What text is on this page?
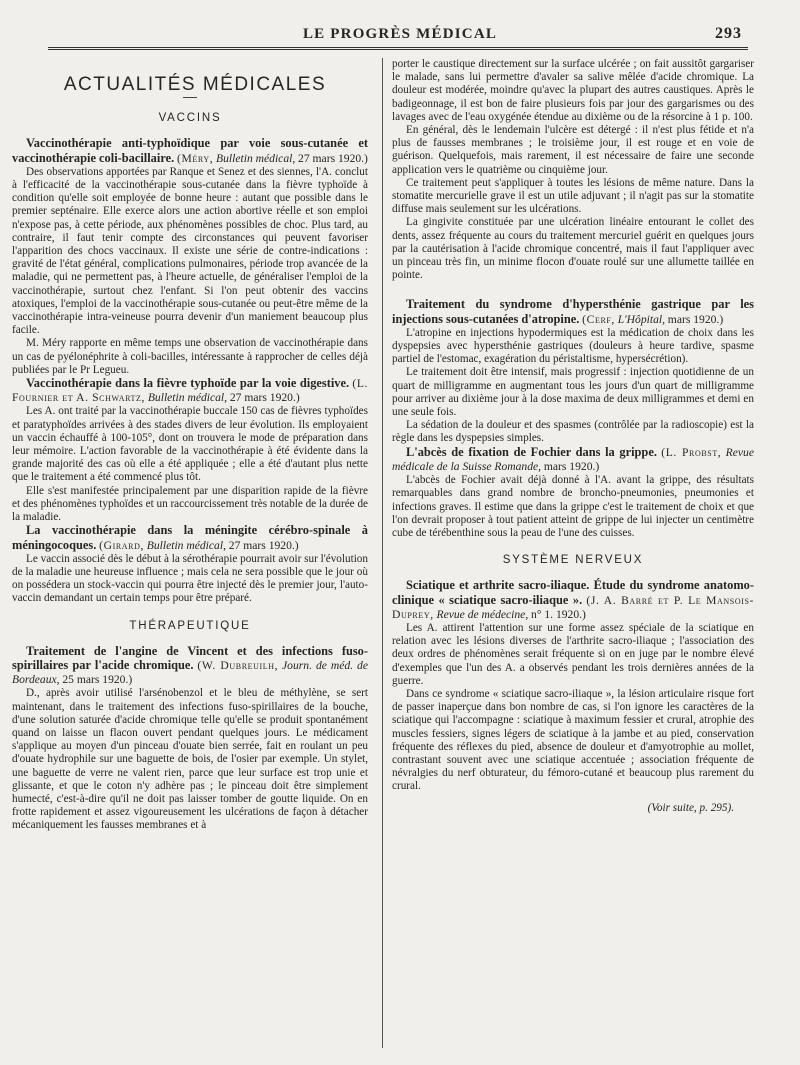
LE PROGRÈS MÉDICAL	293
ACTUALITÉS MÉDICALES
VACCINS

Vaccinothérapie anti-typhoïdique par voie sous-cutanée et vaccinothérapie coli-bacillaire. (Méry, Bulletin médical, 27 mars 1920.)

Des observations apportées par Ranque et Senez et des siennes, l'A. conclut à l'efficacité de la vaccinothérapie sous-cutanée dans la fièvre typhoïde à condition qu'elle soit employée de bonne heure : autant que possible dans le premier septénaire. Elle exerce alors une action abortive réelle et son emploi n'expose pas, à cette période, aux phénomènes possibles de choc. Plus tard, au contraire, il faut tenir compte des circonstances qui peuvent favoriser l'apparition des chocs vaccinaux. Il existe une série de contre-indications : gravité de l'état général, complications pulmonaires, période trop avancée de la maladie, qui ne permettent pas, à l'heure actuelle, de généraliser l'emploi de la vaccinothérapie, surtout chez l'enfant. Si l'on peut obtenir des vaccins atoxiques, l'emploi de la vaccinothérapie sous-cutanée ou peut-être même de la vaccinothérapie intra-veineuse pourra devenir d'un maniement beaucoup plus facile.

M. Méry rapporte en même temps une observation de vaccinothérapie dans un cas de pyélonéphrite à coli-bacilles, intéressante à rapprocher de celles déjà publiées par le Pr Legueu.

Vaccinothérapie dans la fièvre typhoïde par la voie digestive. (L. Fournier et A. Schwartz, Bulletin médical, 27 mars 1920.)

Les A. ont traité par la vaccinothérapie buccale 150 cas de fièvres typhoïdes et paratyphoïdes arrivées à des stades divers de leur évolution. Ils employaient un vaccin échauffé à 100-105°, dont on trouvera le mode de préparation dans leur mémoire. L'action favorable de la vaccinothérapie à été évidente dans la grande majorité des cas où elle a été appliquée ; elle a été d'autant plus nette que le traitement a été commencé plus tôt.

Elle s'est manifestée principalement par une disparition rapide de la fièvre et des phénomènes typhoïdes et un raccourcissement très notable de la durée de la maladie.

La vaccinothérapie dans la méningite cérébro-spinale à méningocoques. (Girard, Bulletin médical, 27 mars 1920.)

Le vaccin associé dès le début à la sérothérapie pourrait avoir sur l'évolution de la maladie une heureuse influence ; mais cela ne sera possible que le jour où on possédera un stock-vaccin qui pourra être injecté dès le premier jour, l'auto-vaccin demandant un certain temps pour être préparé.

THÉRAPEUTIQUE

Traitement de l'angine de Vincent et des infections fuso-spirillaires par l'acide chromique. (W. Dubreuilh, Journ. de méd. de Bordeaux, 25 mars 1920.)

D., après avoir utilisé l'arsénobenzol et le bleu de méthylène, se sert maintenant, dans le traitement des infections fuso-spirillaires de la bouche, d'une solution saturée d'acide chromique telle qu'elle se produit spontanément quand on laisse un flacon ouvert pendant quelques jours. Le médicament s'applique au moyen d'un pinceau d'ouate bien serrée, fait en roulant un peu d'ouate hydrophile sur une baguette de bois, de l'osier par exemple. Un stylet, une baguette de verre ne valent rien, parce que leur surface est trop unie et glissante, et que le coton n'y adhère pas ; le pinceau doit être simplement humecté, c'est-à-dire qu'il ne doit pas laisser tomber de goutte liquide. On en frotte rapidement et assez vigoureusement les ulcérations de façon à détacher mécaniquement les fausses membranes et à

porter le caustique directement sur la surface ulcérée ; on fait aussitôt gargariser le malade, sans lui permettre d'avaler sa salive mêlée d'acide chromique. La douleur est modérée, moindre qu'avec la plupart des autres caustiques. Après le badigeonnage, il est bon de faire plusieurs fois par jour des gargarismes ou des lavages avec de l'eau oxygénée étendue au dixième ou de la résorcine à 1 p. 100.

En général, dès le lendemain l'ulcère est détergé : il n'est plus fétide et n'a plus de fausses membranes ; le troisième jour, il est rouge et en voie de guérison. Quelquefois, mais rarement, il est nécessaire de faire une seconde application vers le quatrième ou cinquième jour.

Ce traitement peut s'appliquer à toutes les lésions de même nature. Dans la stomatite mercurielle grave il est un utile adjuvant ; il n'agit pas sur la stomatite diffuse mais seulement sur les ulcérations.

La gingivite constituée par une ulcération linéaire entourant le collet des dents, assez fréquente au cours du traitement mercuriel guérit en quelques jours par la cautérisation à l'acide chromique concentré, mais il faut l'appliquer avec un pinceau très fin, un minime flocon d'ouate roulé sur une allumette taillée en pointe.

Traitement du syndrome d'hypersthénie gastrique par les injections sous-cutanées d'atropine. (Cerf, L'Hôpital, mars 1920.)

L'atropine en injections hypodermiques est la médication de choix dans les dyspepsies avec hypersthénie gastriques (douleurs à heure tardive, spasme partiel de l'estomac, exagération du péristaltisme, hypersécrétion).

Le traitement doit être intensif, mais progressif : injection quotidienne de un quart de milligramme en augmentant tous les jours d'un quart de milligramme pour arriver au dixième jour à la dose maxima de deux milligrammes et demi en une seule fois.

La sédation de la douleur et des spasmes (contrôlée par la radioscopie) est la règle dans les dyspepsies simples.

L'abcès de fixation de Fochier dans la grippe. (L. Probst, Revue médicale de la Suisse Romande, mars 1920.)

L'abcès de Fochier avait déjà donné à l'A. avant la grippe, des résultats remarquables dans grand nombre de broncho-pneumonies, pneumonies et infections graves. Il estime que dans la grippe c'est le traitement de choix et que l'on devrait proposer à tout patient atteint de grippe de lui injecter un centimètre cube de térébenthine sous la peau de l'une des cuisses.

SYSTÈME NERVEUX

Sciatique et arthrite sacro-iliaque. Étude du syndrome anatomo-clinique « sciatique sacro-iliaque ». (J. A. Barré et P. Le Mansois-Duprey, Revue de médecine, n° 1. 1920.)

Les A. attirent l'attention sur une forme assez spéciale de la sciatique en relation avec les lésions diverses de l'arthrite sacro-iliaque ; l'association des deux ordres de phénomènes serait fréquente si on en juge par le nombre élevé d'exemples que l'un des A. a observés pendant les trois dernières années de la guerre.

Dans ce syndrome « sciatique sacro-iliaque », la lésion articulaire risque fort de passer inaperçue dans bon nombre de cas, si l'on ignore les caractères de la sciatique qui l'accompagne : sciatique à maximum fessier et crural, atrophie des muscles fessiers, signes légers de sciatique à la jambe et au pied, conservation fréquente des réflexes du pied, absence de douleur et d'amyotrophie au mollet, contrastant souvent avec une sciatique accentuée ; association fréquente de névralgies du nerf obturateur, du fémoro-cutané et beaucoup plus rarement du crural.

(Voir suite, p. 295).
